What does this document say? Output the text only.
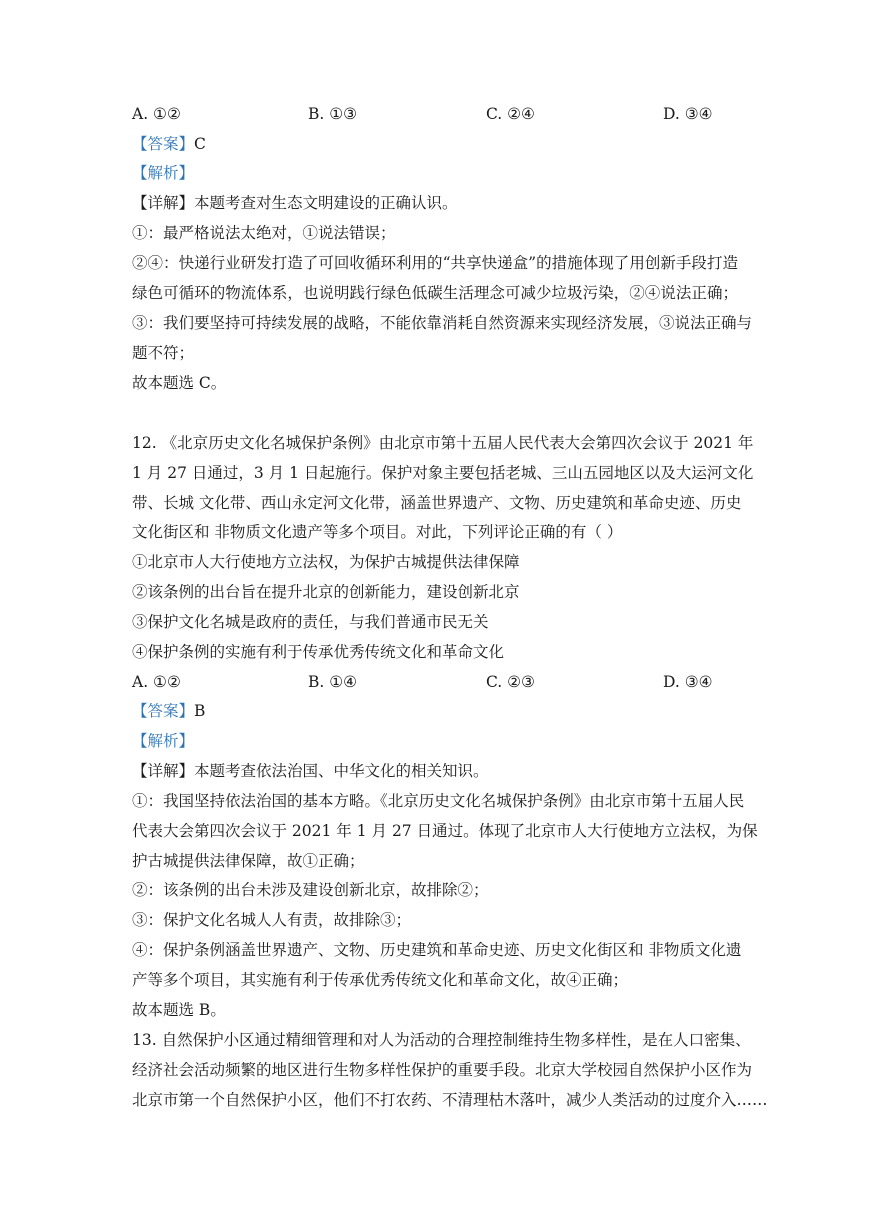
A. ①②	B. ①③	C. ②④	D. ③④
【答案】C
【解析】
【详解】本题考查对生态文明建设的正确认识。
①：最严格说法太绝对，①说法错误；
②④：快递行业研发打造了可回收循环利用的“共享快递盒”的措施体现了用创新手段打造
绿色可循环的物流体系，也说明践行绿色低碳生活理念可减少垃圾污染，②④说法正确；
③：我们要坚持可持续发展的战略，不能依靠消耗自然资源来实现经济发展，③说法正确与
题不符；
故本题选 C。
12. 《北京历史文化名城保护条例》由北京市第十五届人民代表大会第四次会议于 2021 年
1 月 27 日通过，3 月 1 日起施行。保护对象主要包括老城、三山五园地区以及大运河文化
带、长城 文化带、西山永定河文化带，涵盖世界遗产、文物、历史建筑和革命史迹、历史
文化街区和 非物质文化遗产等多个项目。对此，下列评论正确的有（ ）
①北京市人大行使地方立法权，为保护古城提供法律保障
②该条例的出台旨在提升北京的创新能力，建设创新北京
③保护文化名城是政府的责任，与我们普通市民无关
④保护条例的实施有利于传承优秀传统文化和革命文化
A. ①②	B. ①④	C. ②③	D. ③④
【答案】B
【解析】
【详解】本题考查依法治国、中华文化的相关知识。
①：我国坚持依法治国的基本方略。《北京历史文化名城保护条例》由北京市第十五届人民
代表大会第四次会议于 2021 年 1 月 27 日通过。体现了北京市人大行使地方立法权，为保
护古城提供法律保障，故①正确；
②：该条例的出台未涉及建设创新北京，故排除②；
③：保护文化名城人人有责，故排除③；
④：保护条例涵盖世界遗产、文物、历史建筑和革命史迹、历史文化街区和 非物质文化遗
产等多个项目，其实施有利于传承优秀传统文化和革命文化，故④正确；
故本题选 B。
13. 自然保护小区通过精细管理和对人为活动的合理控制维持生物多样性，是在人口密集、
经济社会活动频繁的地区进行生物多样性保护的重要手段。北京大学校园自然保护小区作为
北京市第一个自然保护小区，他们不打农药、不清理枯木落叶，减少人类活动的过度介入……
